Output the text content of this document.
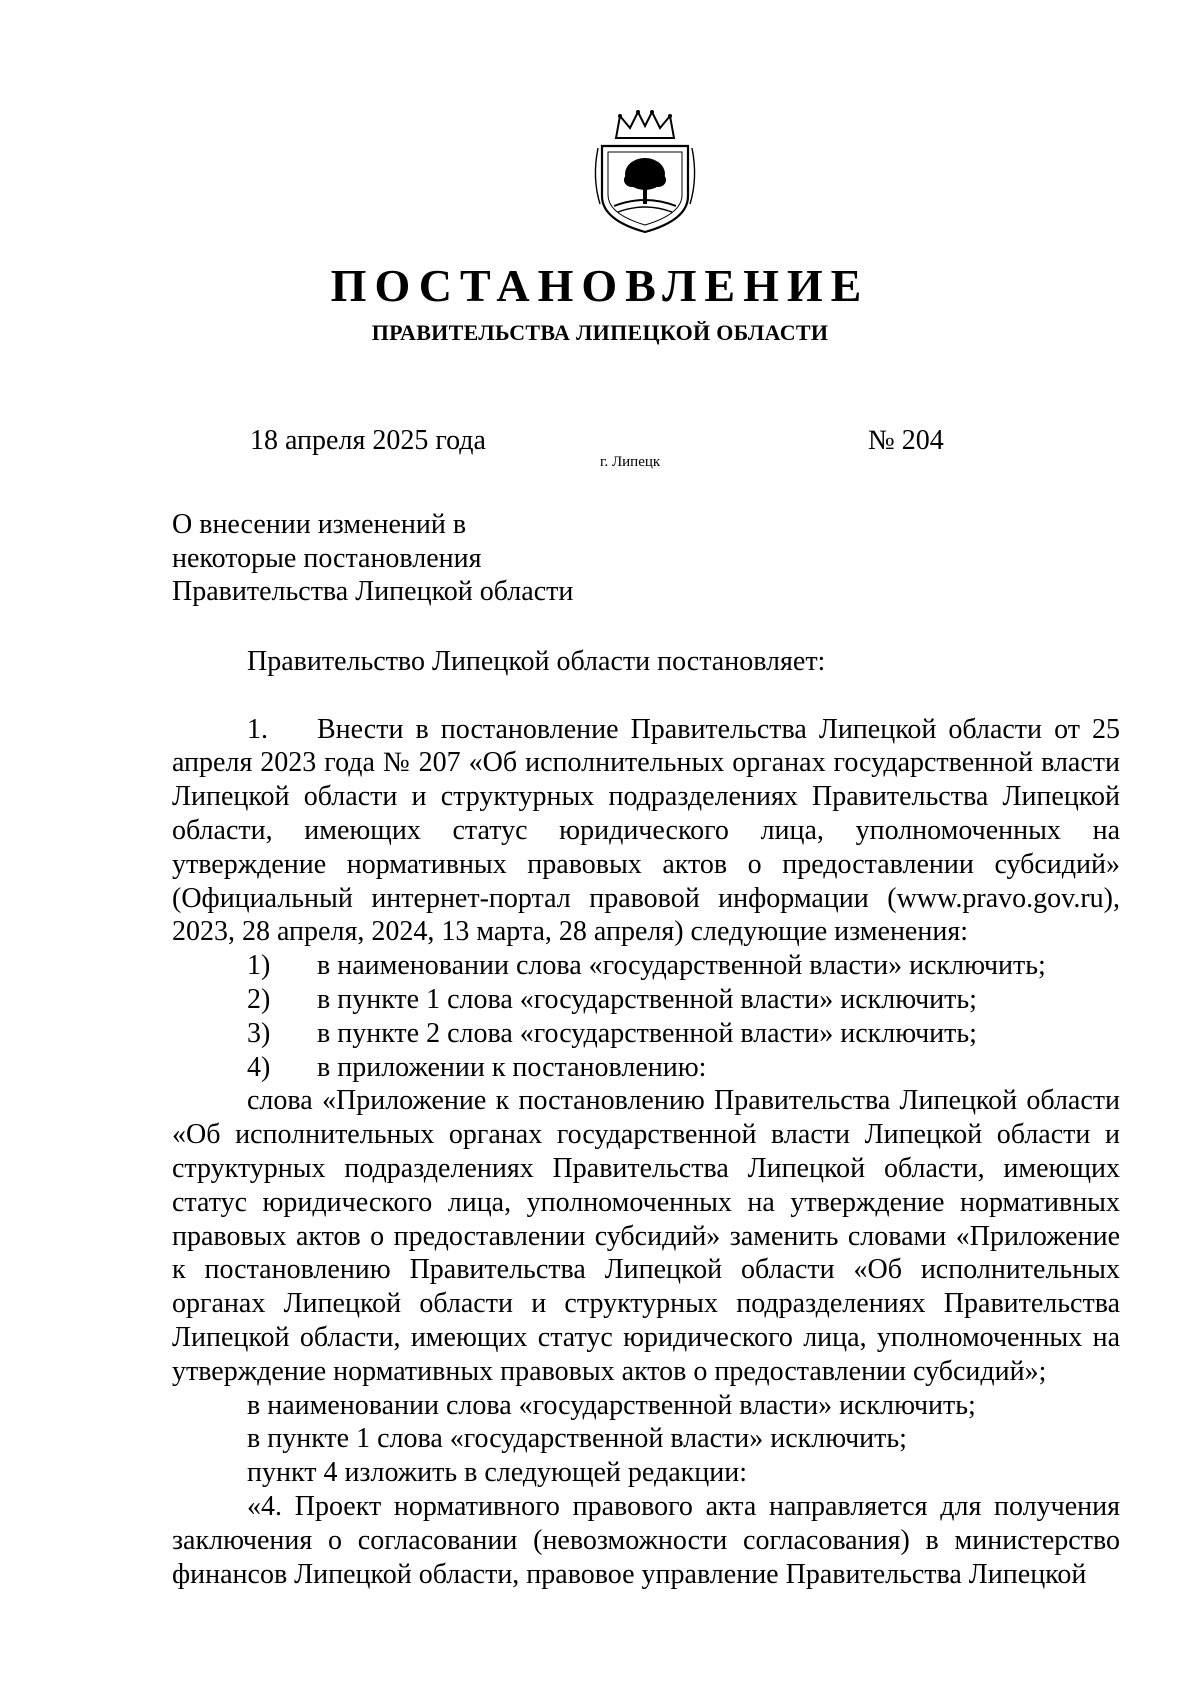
ПОСТАНОВЛЕНИЕ
ПРАВИТЕЛЬСТВА ЛИПЕЦКОЙ ОБЛАСТИ
18 апреля 2025 года
г. Липецк
№ 204
О внесении изменений в
некоторые постановления
Правительства Липецкой области

Правительство Липецкой области постановляет:

1. Внести в постановление Правительства Липецкой области от 25 апреля 2023 года № 207 «Об исполнительных органах государственной власти Липецкой области и структурных подразделениях Правительства Липецкой области, имеющих статус юридического лица, уполномоченных на утверждение нормативных правовых актов о предоставлении субсидий» (Официальный интернет-портал правовой информации (www.pravo.gov.ru), 2023, 28 апреля, 2024, 13 марта, 28 апреля) следующие изменения:

1) в наименовании слова «государственной власти» исключить;

2) в пункте 1 слова «государственной власти» исключить;

3) в пункте 2 слова «государственной власти» исключить;

4) в приложении к постановлению:

слова «Приложение к постановлению Правительства Липецкой области «Об исполнительных органах государственной власти Липецкой области и структурных подразделениях Правительства Липецкой области, имеющих статус юридического лица, уполномоченных на утверждение нормативных правовых актов о предоставлении субсидий» заменить словами «Приложение к постановлению Правительства Липецкой области «Об исполнительных органах Липецкой области и структурных подразделениях Правительства Липецкой области, имеющих статус юридического лица, уполномоченных на утверждение нормативных правовых актов о предоставлении субсидий»;

в наименовании слова «государственной власти» исключить;

в пункте 1 слова «государственной власти» исключить;

пункт 4 изложить в следующей редакции:

«4. Проект нормативного правового акта направляется для получения заключения о согласовании (невозможности согласования) в министерство финансов Липецкой области, правовое управление Правительства Липецкой
